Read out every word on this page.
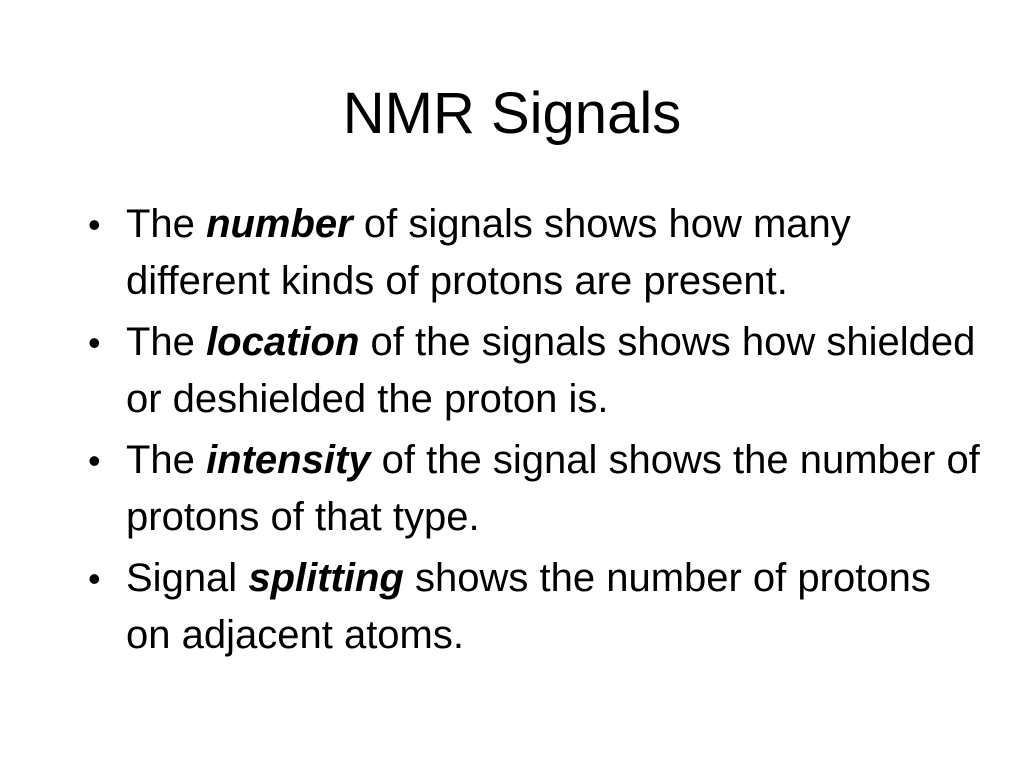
NMR Signals
• The number of signals shows how many different kinds of protons are present.
• The location of the signals shows how shielded or deshielded the proton is.
• The intensity of the signal shows the number of protons of that type.
• Signal splitting shows the number of protons on adjacent atoms.
